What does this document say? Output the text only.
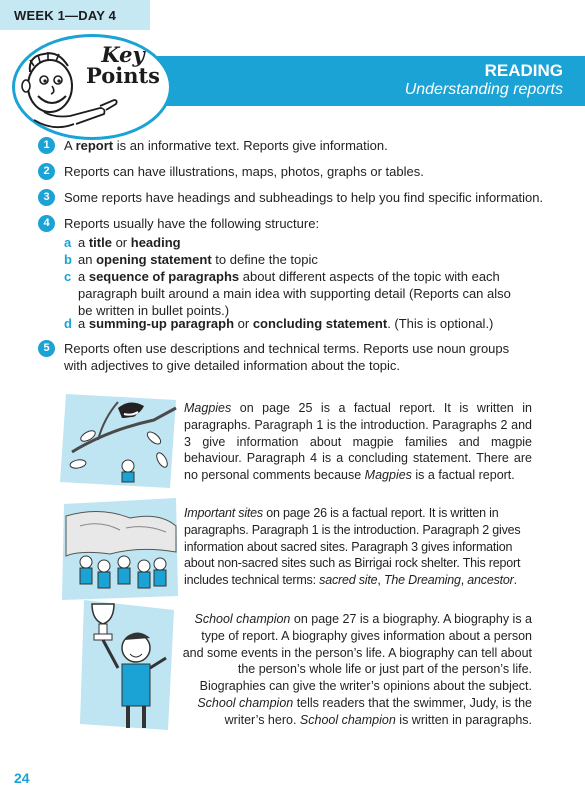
WEEK 1—DAY 4
Key
Points	READING
Understanding reports
1	A report is an informative text. Reports give information.
2	Reports can have illustrations, maps, photos, graphs or tables.
3	Some reports have headings and subheadings to help you find specific information.
4	Reports usually have the following structure:
a a title or heading
b an opening statement to define the topic
c a sequence of paragraphs about different aspects of the topic with each paragraph built around a main idea with supporting detail (Reports can also be written in bullet points.)
d a summing-up paragraph or concluding statement. (This is optional.)
5	Reports often use descriptions and technical terms. Reports use noun groups with adjectives to give detailed information about the topic.
Magpies on page 25 is a factual report. It is written in paragraphs. Paragraph 1 is the introduction. Paragraphs 2 and 3 give information about magpie families and magpie behaviour. Paragraph 4 is a concluding statement. There are no personal comments because Magpies is a factual report.
Important sites on page 26 is a factual report. It is written in paragraphs. Paragraph 1 is the introduction. Paragraph 2 gives information about sacred sites. Paragraph 3 gives information about non-sacred sites such as Birrigai rock shelter. This report includes technical terms: sacred site, The Dreaming, ancestor.
School champion on page 27 is a biography. A biography is a type of report. A biography gives information about a person and some events in the person’s life. A biography can tell about the person’s whole life or just part of the person’s life. Biographies can give the writer’s opinions about the subject. School champion tells readers that the swimmer, Judy, is the writer’s hero. School champion is written in paragraphs.
24
